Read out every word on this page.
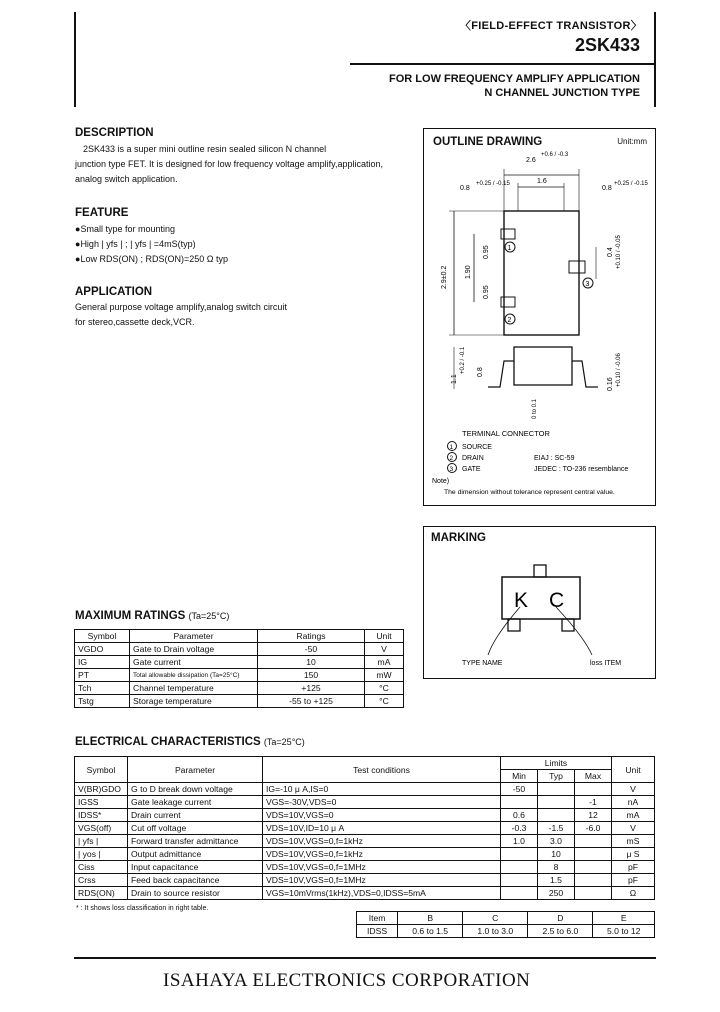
〈FIELD-EFFECT TRANSISTOR〉
2SK433
FOR LOW FREQUENCY AMPLIFY APPLICATION
N CHANNEL JUNCTION TYPE
DESCRIPTION
2SK433 is a super mini outline resin sealed silicon N channel
junction type FET. It is designed for low frequency voltage amplify,application,
analog switch application.
FEATURE
●Small type for mounting
●High | yfs | ; | yfs | =4mS(typ)
●Low RDS(ON) ; RDS(ON)=250 Ω typ
APPLICATION
General purpose voltage amplify,analog switch circuit
for stereo,cassette deck,VCR.
OUTLINE DRAWING	Unit:mm
2.6
+0.6 / -0.3
1.6
0.8
+0.25 / -0.15
0.8
+0.25 / -0.15
2.9±0.2 1.90
0.95
0.95
0.4 +0.10 / -0.05
1
2
3
1.1
+0.2 / -0.1 0.8
0 to 0.1
0.16 +0.10 / -0.06
TERMINAL CONNECTOR
1 SOURCE
2 DRAIN
3 GATE
EIAJ : SC-59
JEDEC : TO-236 resemblance
Note)
The dimension without tolerance represent central value.
MARKING
K C
TYPE NAME	loss ITEM
MAXIMUM RATINGS (Ta=25°C)
Symbol	Parameter	Ratings	Unit
VGDO	Gate to Drain voltage	-50	V
IG	Gate current	10	mA
PT	Total allowable dissipation (Ta=25°C)	150	mW
Tch	Channel temperature	+125	°C
Tstg	Storage temperature	-55 to +125	°C
ELECTRICAL CHARACTERISTICS (Ta=25°C)
Symbol	Parameter	Test conditions	Limits			Unit
			Min	Typ	Max	
V(BR)GDO	G to D break down voltage	IG=-10 μ A,IS=0	-50			V
IGSS	Gate leakage current	VGS=-30V,VDS=0			-1	nA
IDSS*	Drain current	VDS=10V,VGS=0	0.6		12	mA
VGS(off)	Cut off voltage	VDS=10V,ID=10 μ A	-0.3	-1.5	-6.0	V
| yfs |	Forward transfer admittance	VDS=10V,VGS=0,f=1kHz	1.0	3.0		mS
| yos |	Output admittance	VDS=10V,VGS=0,f=1kHz		10		μ S
Ciss	Input capacitance	VDS=10V,VGS=0,f=1MHz		8		pF
Crss	Feed back capacitance	VDS=10V,VGS=0,f=1MHz		1.5		pF
RDS(ON)	Drain to source resistor	VGS=10mVrms(1kHz),VDS=0,IDSS=5mA		250		Ω
* : It shows loss classification in right table.
Item	B	C	D	E
IDSS	0.6 to 1.5	1.0 to 3.0	2.5 to 6.0	5.0 to 12
ISAHAYA ELECTRONICS CORPORATION
